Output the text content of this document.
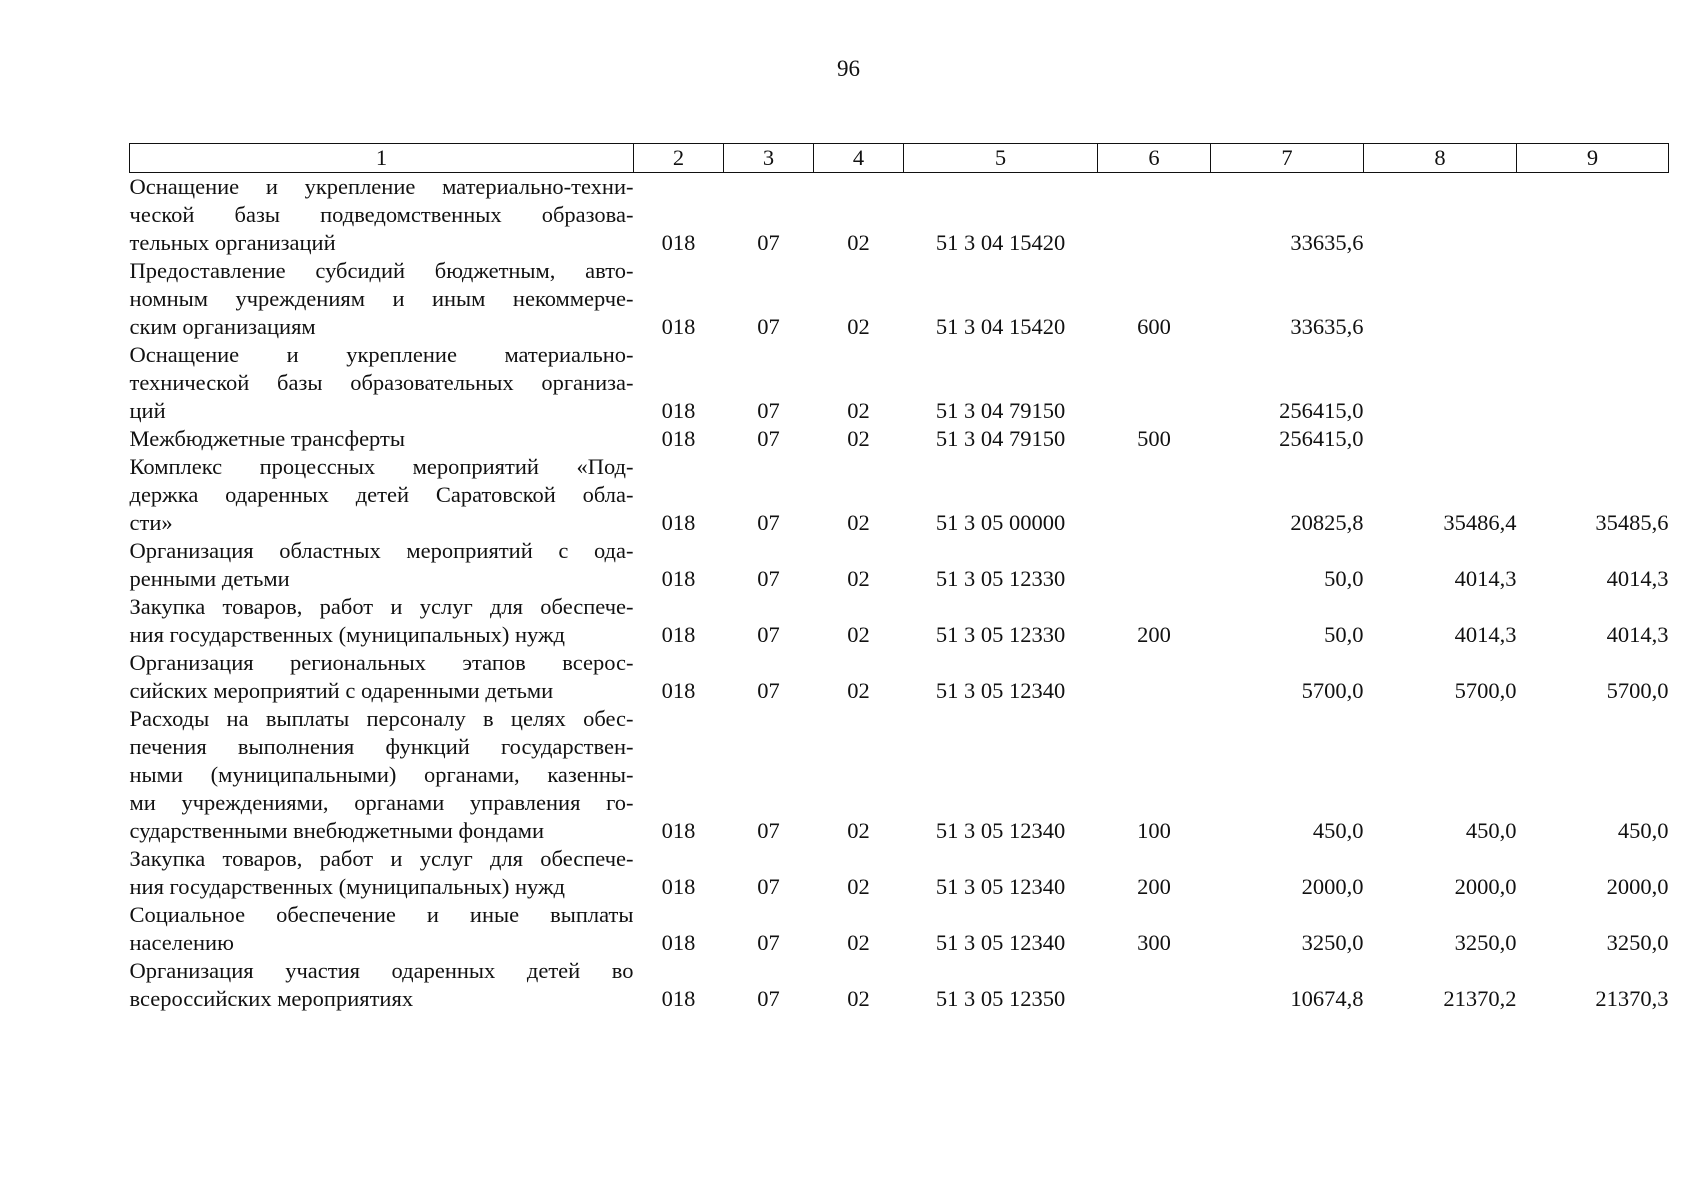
96
1	2	3	4	5	6	7	8	9

Оснащение и укрепление материально-техни-
ческой базы подведомственных образова-
тельных организаций	018	07	02	51 3 04 15420		33635,6		

Предоставление субсидий бюджетным, авто-
номным учреждениям и иным некоммерче-
ским организациям	018	07	02	51 3 04 15420	600	33635,6		

Оснащение и укрепление материально-
технической базы образовательных организа-
ций	018	07	02	51 3 04 79150		256415,0		

Межбюджетные трансферты	018	07	02	51 3 04 79150	500	256415,0		

Комплекс процессных мероприятий «Под-
держка одаренных детей Саратовской обла-
сти»	018	07	02	51 3 05 00000		20825,8	35486,4	35485,6

Организация областных мероприятий с ода-
ренными детьми	018	07	02	51 3 05 12330		50,0	4014,3	4014,3

Закупка товаров, работ и услуг для обеспече-
ния государственных (муниципальных) нужд	018	07	02	51 3 05 12330	200	50,0	4014,3	4014,3

Организация региональных этапов всерос-
сийских мероприятий с одаренными детьми	018	07	02	51 3 05 12340		5700,0	5700,0	5700,0

Расходы на выплаты персоналу в целях обес-
печения выполнения функций государствен-
ными (муниципальными) органами, казенны-
ми учреждениями, органами управления го-
сударственными внебюджетными фондами	018	07	02	51 3 05 12340	100	450,0	450,0	450,0

Закупка товаров, работ и услуг для обеспече-
ния государственных (муниципальных) нужд	018	07	02	51 3 05 12340	200	2000,0	2000,0	2000,0

Социальное обеспечение и иные выплаты
населению	018	07	02	51 3 05 12340	300	3250,0	3250,0	3250,0

Организация участия одаренных детей во
всероссийских мероприятиях	018	07	02	51 3 05 12350		10674,8	21370,2	21370,3
